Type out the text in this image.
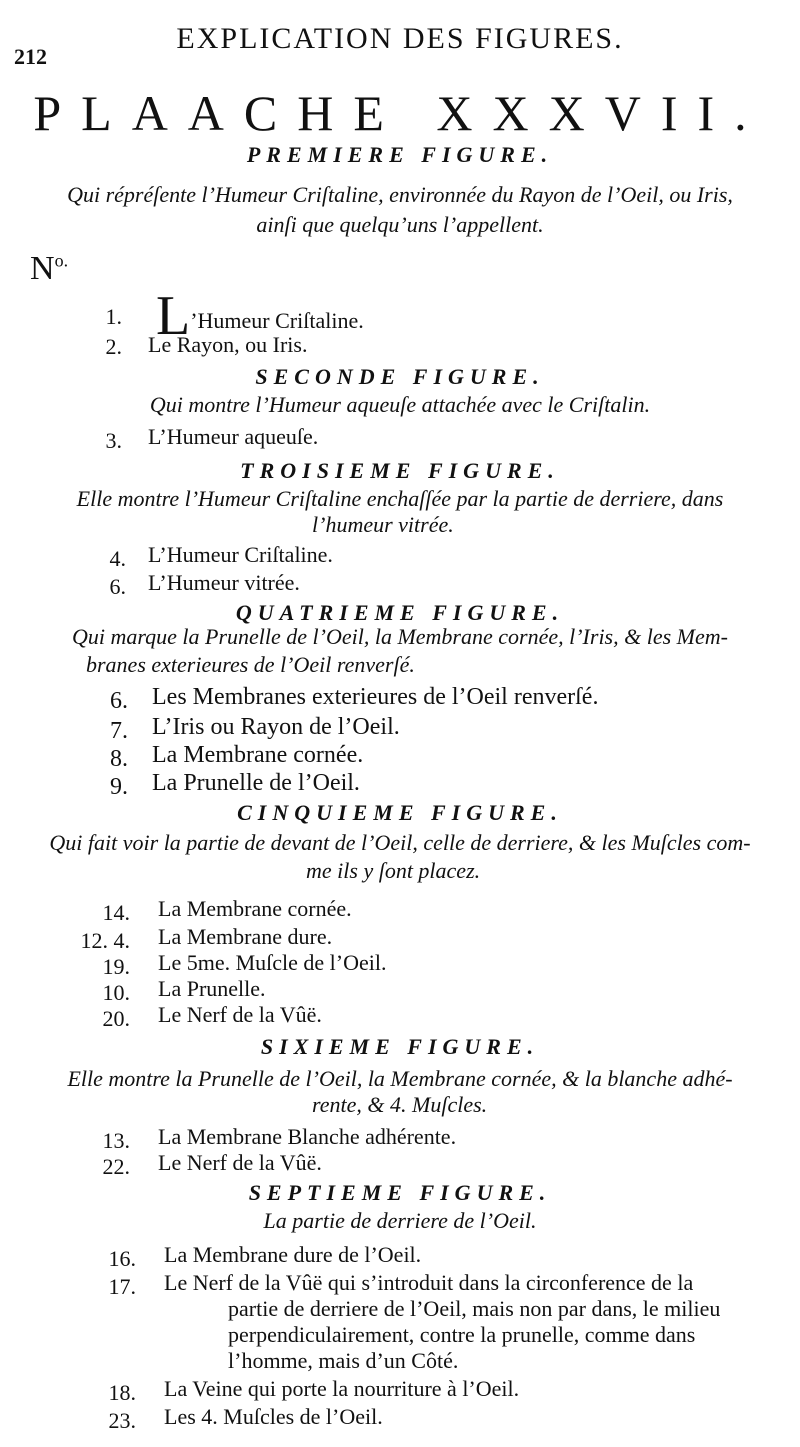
212
EXPLICATION DES FIGURES.
PLAACHE XXXVII.
PREMIERE FIGURE.
Qui répréſente l’Humeur Criſtaline, environnée du Rayon de l’Oeil, ou Iris,
ainſi que quelqu’uns l’appellent.
$N^{o.}$
1. L’Humeur Criſtaline.
2. Le Rayon, ou Iris.
SECONDE FIGURE.
Qui montre l’Humeur aqueuſe attachée avec le Criſtalin.
3. L’Humeur aqueuſe.
TROISIEME FIGURE.
Elle montre l’Humeur Criſtaline enchaſſée par la partie de derriere, dans
l’humeur vitrée.
4. L’Humeur Criſtaline.
6. L’Humeur vitrée.
QUATRIEME FIGURE.
Qui marque la Prunelle de l’Oeil, la Membrane cornée, l’Iris, & les Mem-
branes exterieures de l’Oeil renverſé.
6. Les Membranes exterieures de l’Oeil renverſé.
7. L’Iris ou Rayon de l’Oeil.
8. La Membrane cornée.
9. La Prunelle de l’Oeil.
CINQUIEME FIGURE.
Qui fait voir la partie de devant de l’Oeil, celle de derriere, & les Muſcles com-
me ils y ſont placez.
14. La Membrane cornée.
12. 4. La Membrane dure.
19. Le 5me. Muſcle de l’Oeil.
10. La Prunelle.
20. Le Nerf de la Vûë.
SIXIEME FIGURE.
Elle montre la Prunelle de l’Oeil, la Membrane cornée, & la blanche adhé-
rente, & 4. Muſcles.
13. La Membrane Blanche adhérente.
22. Le Nerf de la Vûë.
SEPTIEME FIGURE.
La partie de derriere de l’Oeil.
16. La Membrane dure de l’Oeil.
17. Le Nerf de la Vûë qui s’introduit dans la circonference de la
partie de derriere de l’Oeil, mais non par dans, le milieu
perpendiculairement, contre la prunelle, comme dans
l’homme, mais d’un Côté.
18. La Veine qui porte la nourriture à l’Oeil.
23. Les 4. Muſcles de l’Oeil.
